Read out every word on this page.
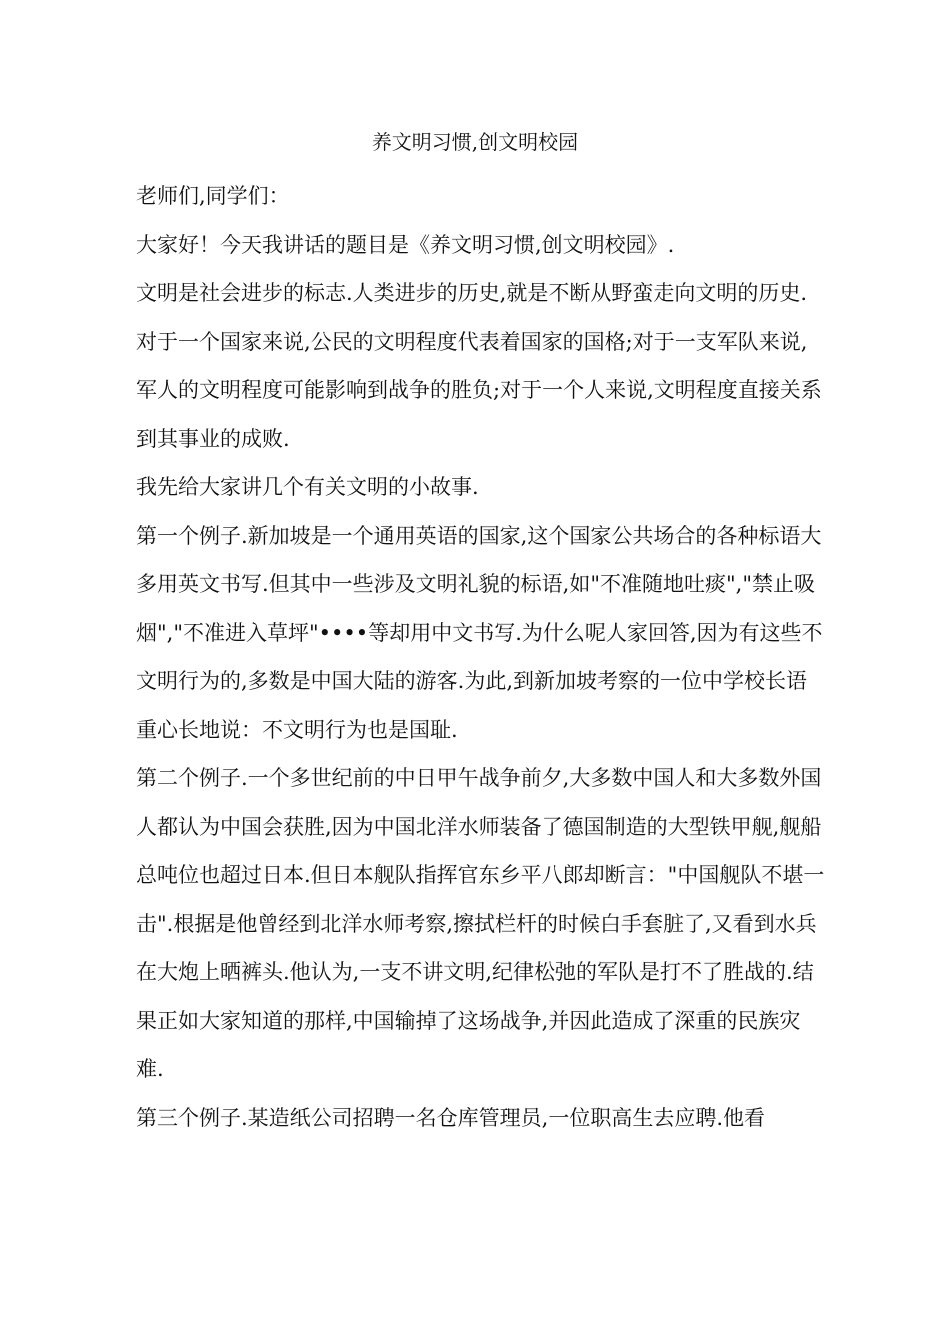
养文明习惯,创文明校园

老师们,同学们：

大家好！今天我讲话的题目是《养文明习惯,创文明校园》.

文明是社会进步的标志.人类进步的历史,就是不断从野蛮走向文明的历史.对于一个国家来说,公民的文明程度代表着国家的国格;对于一支军队来说,军人的文明程度可能影响到战争的胜负;对于一个人来说,文明程度直接关系到其事业的成败.

我先给大家讲几个有关文明的小故事.

第一个例子.新加坡是一个通用英语的国家,这个国家公共场合的各种标语大多用英文书写.但其中一些涉及文明礼貌的标语,如"不准随地吐痰","禁止吸烟","不准进入草坪"••••等却用中文书写.为什么呢人家回答,因为有这些不文明行为的,多数是中国大陆的游客.为此,到新加坡考察的一位中学校长语重心长地说：不文明行为也是国耻.

第二个例子.一个多世纪前的中日甲午战争前夕,大多数中国人和大多数外国人都认为中国会获胜,因为中国北洋水师装备了德国制造的大型铁甲舰,舰船总吨位也超过日本.但日本舰队指挥官东乡平八郎却断言："中国舰队不堪一击".根据是他曾经到北洋水师考察,擦拭栏杆的时候白手套脏了,又看到水兵在大炮上晒裤头.他认为,一支不讲文明,纪律松弛的军队是打不了胜战的.结果正如大家知道的那样,中国输掉了这场战争,并因此造成了深重的民族灾难.

第三个例子.某造纸公司招聘一名仓库管理员,一位职高生去应聘.他看
